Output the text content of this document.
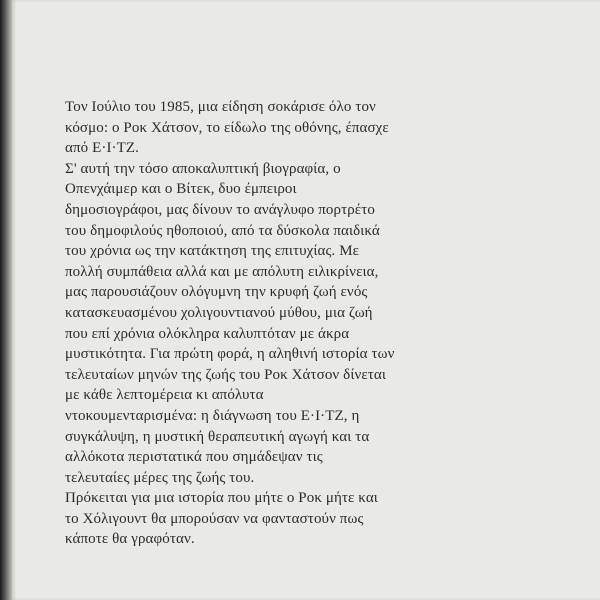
Τον Ιούλιο του 1985, μια είδηση σοκάρισε όλο τον
κόσμο: ο Ροκ Χάτσον, το είδωλο της οθόνης, έπασχε
από Ε·Ι·ΤΖ.
Σ' αυτή την τόσο αποκαλυπτική βιογραφία, ο
Οπενχάιμερ και ο Βίτεκ, δυο έμπειροι
δημοσιογράφοι, μας δίνουν το ανάγλυφο πορτρέτο
του δημοφιλούς ηθοποιού, από τα δύσκολα παιδικά
του χρόνια ως την κατάκτηση της επιτυχίας. Με
πολλή συμπάθεια αλλά και με απόλυτη ειλικρίνεια,
μας παρουσιάζουν ολόγυμνη την κρυφή ζωή ενός
κατασκευασμένου χολιγουντιανού μύθου, μια ζωή
που επί χρόνια ολόκληρα καλυπτόταν με άκρα
μυστικότητα. Για πρώτη φορά, η αληθινή ιστορία των
τελευταίων μηνών της ζωής του Ροκ Χάτσον δίνεται
με κάθε λεπτομέρεια κι απόλυτα
ντοκουμενταρισμένα: η διάγνωση του Ε·Ι·ΤΖ, η
συγκάλυψη, η μυστική θεραπευτική αγωγή και τα
αλλόκοτα περιστατικά που σημάδεψαν τις
τελευταίες μέρες της ζωής του.
Πρόκειται για μια ιστορία που μήτε ο Ροκ μήτε και
το Χόλιγουντ θα μπορούσαν να φανταστούν πως
κάποτε θα γραφόταν.
